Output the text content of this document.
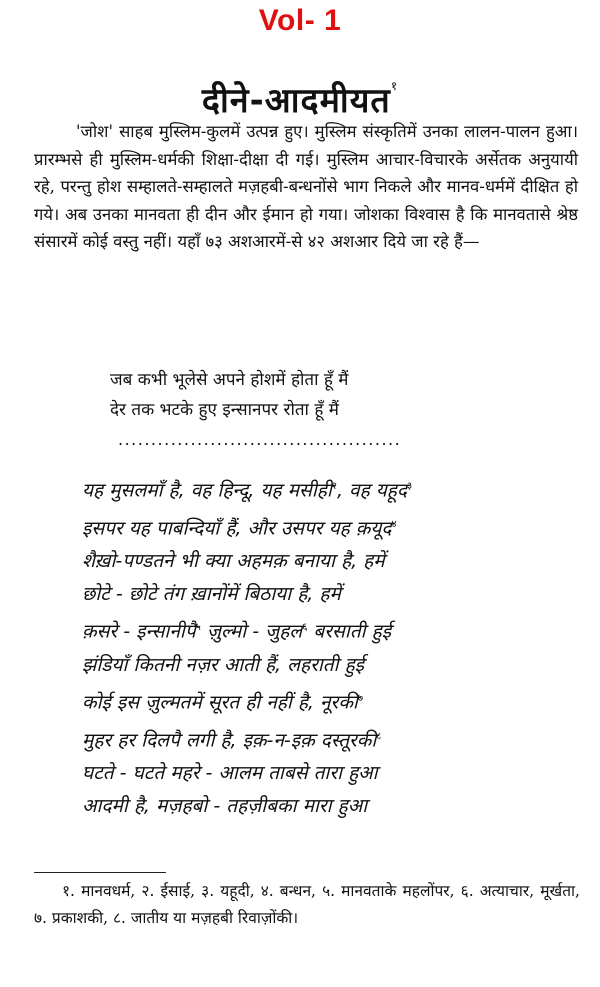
Vol- 1
दीने-आदमीयत$^१$

'जोश' साहब मुस्लिम-कुलमें उत्पन्न हुए। मुस्लिम संस्कृतिमें उनका लालन-पालन हुआ। प्रारम्भसे ही मुस्लिम-धर्मकी शिक्षा-दीक्षा दी गई। मुस्लिम आचार-विचारके अर्सेतक अनुयायी रहे, परन्तु होश सम्हालते-सम्हालते मज़हबी-बन्धनोंसे भाग निकले और मानव-धर्ममें दीक्षित हो गये। अब उनका मानवता ही दीन और ईमान हो गया। जोशका विश्वास है कि मानवतासे श्रेष्ठ संसारमें कोई वस्तु नहीं। यहाँ ७३ अशआरमें-से ४२ अशआर दिये जा रहे हैं—

जब कभी भूलेसे अपने होशमें होता हूँ मैं
देर तक भटके हुए इन्सानपर रोता हूँ मैं
...........................................
यह मुसलमाँ है, वह हिन्दू, यह मसीही$^२$, वह यहूद$^३$
इसपर यह पाबन्दियाँ हैं, और उसपर यह क़यूद$^४$
शैख़ो-पण्डतने भी क्या अहमक़ बनाया है, हमें
छोटे - छोटे तंग ख़ानोंमें बिठाया है, हमें
क़सरे - इन्सानीपै$^५$ ज़ुल्मो - जुहल$^६$ बरसाती हुई
झंडियाँ कितनी नज़र आती हैं, लहराती हुई
कोई इस ज़ुल्मतमें सूरत ही नहीं है, नूरकी$^७$
मुहर हर दिलपै लगी है, इक़-न-इक़ दस्तूरकी$^८$
घटते - घटते महरे - आलम ताबसे तारा हुआ
आदमी है, मज़हबो - तहज़ीबका मारा हुआ

१. मानवधर्म, २. ईसाई, ३. यहूदी, ४. बन्धन, ५. मानवताके महलोंपर, ६. अत्याचार, मूर्खता, ७. प्रकाशकी, ८. जातीय या मज़हबी रिवाज़ोंकी।
